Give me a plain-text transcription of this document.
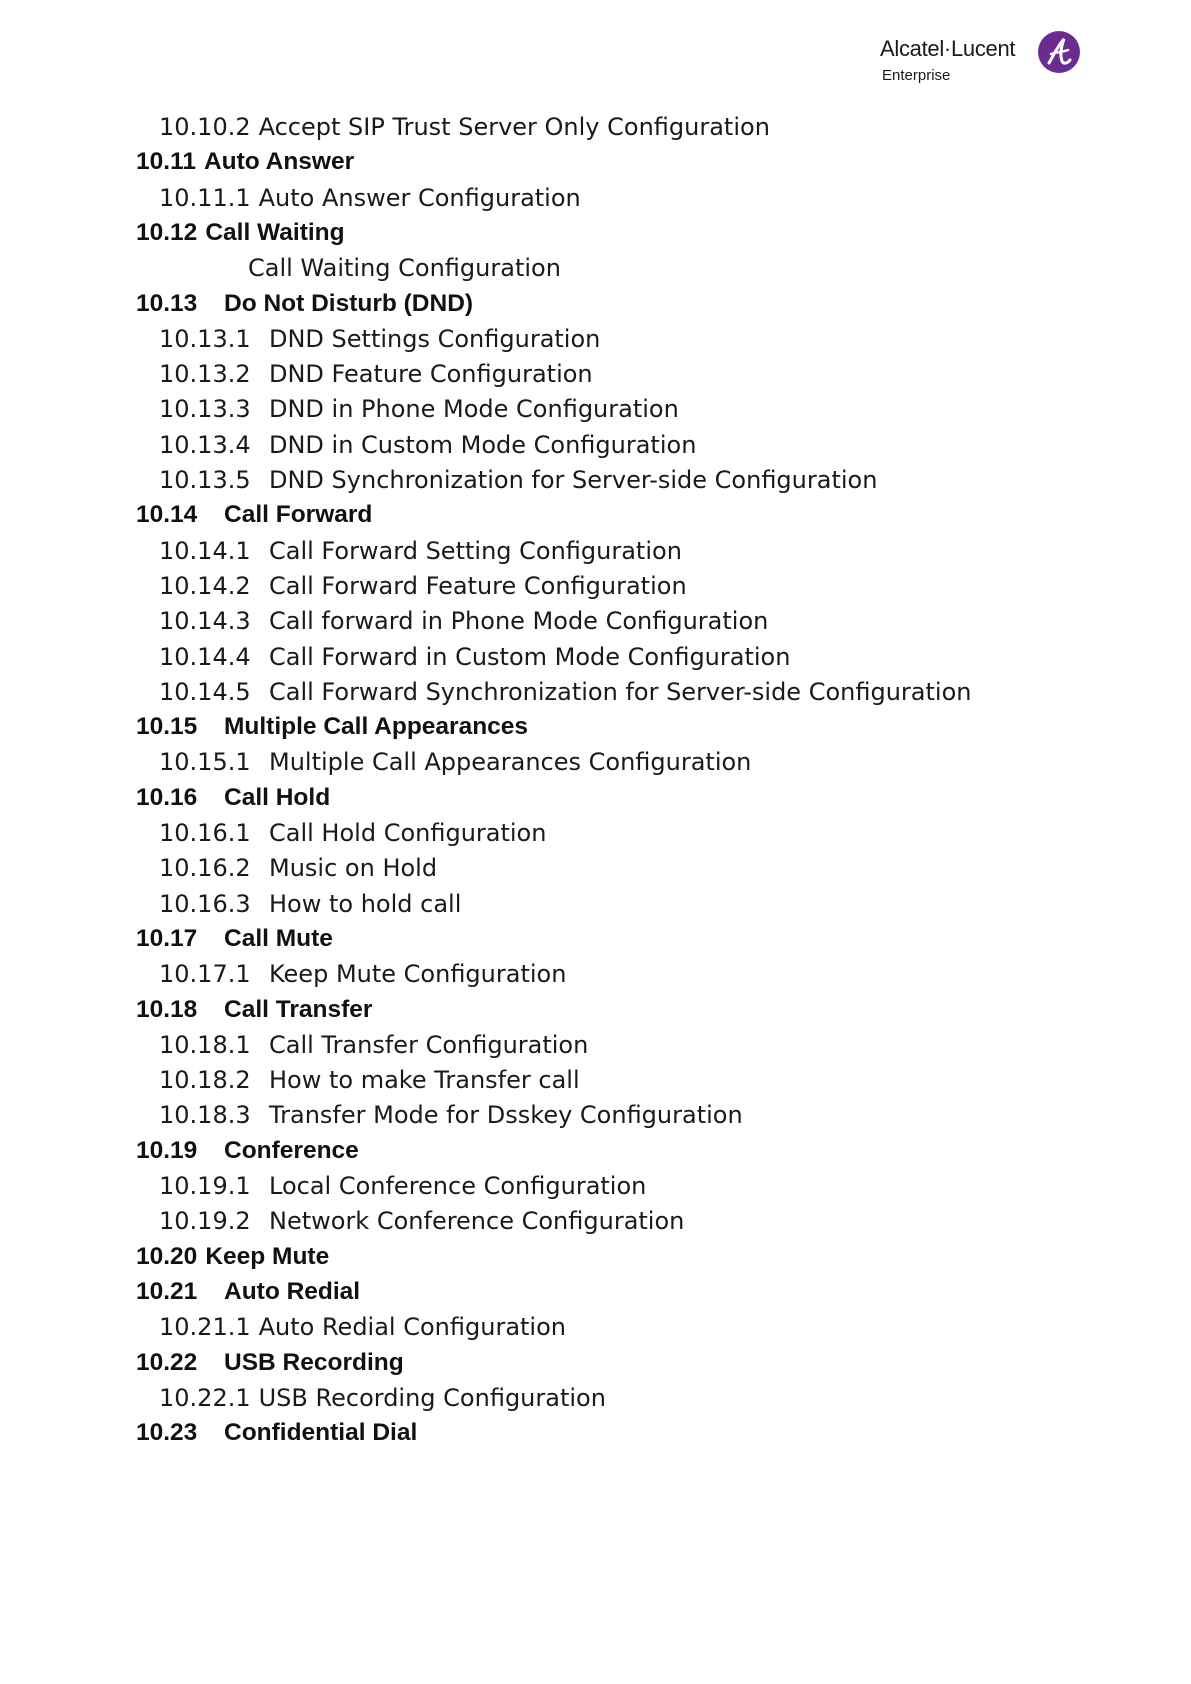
Alcatel·Lucent
Enterprise
10.10.2 Accept SIP Trust Server Only Configuration
10.11 Auto Answer
10.11.1 Auto Answer Configuration
10.12 Call Waiting
Call Waiting Configuration
10.13 Do Not Disturb (DND)
10.13.1 DND Settings Configuration
10.13.2 DND Feature Configuration
10.13.3 DND in Phone Mode Configuration
10.13.4 DND in Custom Mode Configuration
10.13.5 DND Synchronization for Server-side Configuration
10.14 Call Forward
10.14.1 Call Forward Setting Configuration
10.14.2 Call Forward Feature Configuration
10.14.3 Call forward in Phone Mode Configuration
10.14.4 Call Forward in Custom Mode Configuration
10.14.5 Call Forward Synchronization for Server-side Configuration
10.15 Multiple Call Appearances
10.15.1 Multiple Call Appearances Configuration
10.16 Call Hold
10.16.1 Call Hold Configuration
10.16.2 Music on Hold
10.16.3 How to hold call
10.17 Call Mute
10.17.1 Keep Mute Configuration
10.18 Call Transfer
10.18.1 Call Transfer Configuration
10.18.2 How to make Transfer call
10.18.3 Transfer Mode for Dsskey Configuration
10.19 Conference
10.19.1 Local Conference Configuration
10.19.2 Network Conference Configuration
10.20 Keep Mute
10.21 Auto Redial
10.21.1 Auto Redial Configuration
10.22 USB Recording
10.22.1 USB Recording Configuration
10.23 Confidential Dial
